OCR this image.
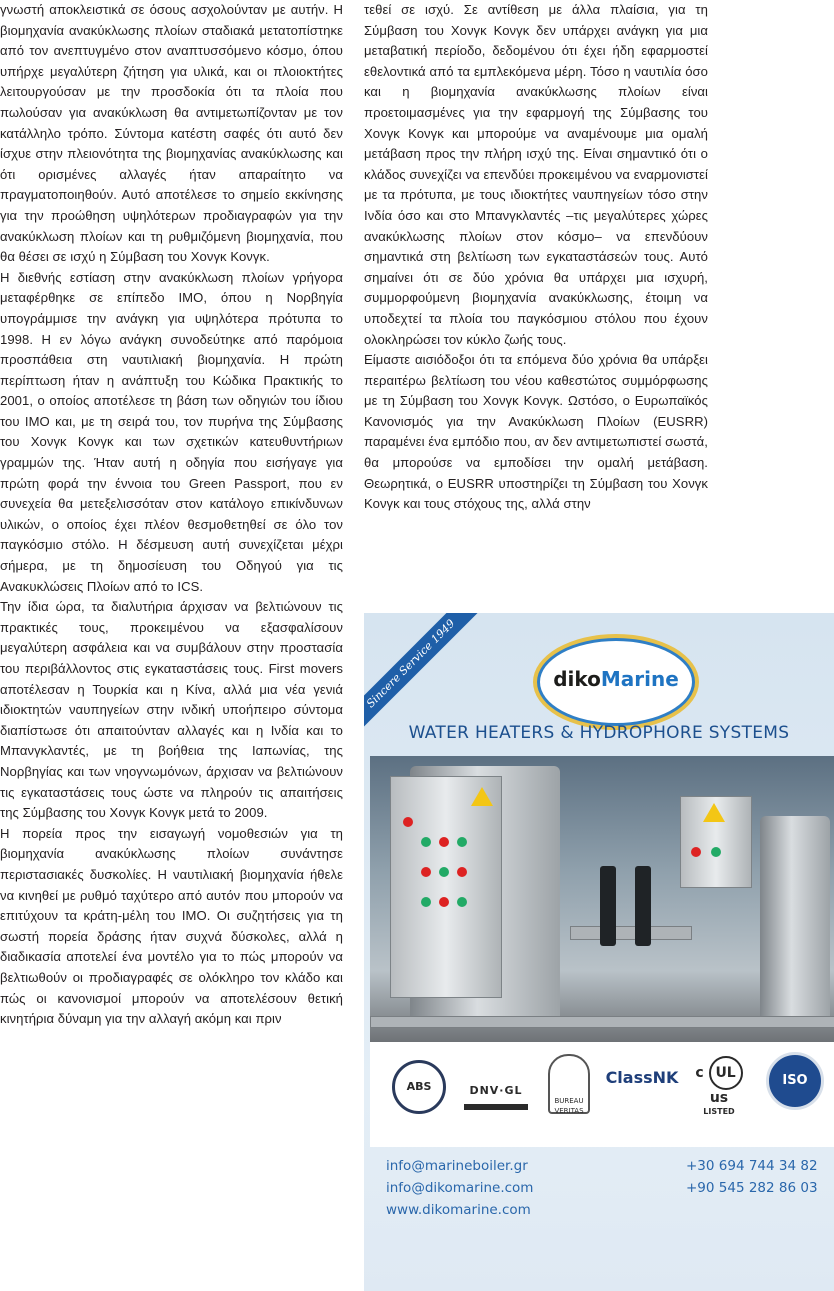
γνωστή αποκλειστικά σε όσους ασχολούνταν με αυτήν. Η βιομηχανία ανακύκλωσης πλοίων σταδιακά μετατοπίστηκε από τον ανεπτυγμένο στον αναπτυσσόμενο κόσμο, όπου υπήρχε μεγαλύτερη ζήτηση για υλικά, και οι πλοιοκτήτες λειτουργούσαν με την προσδοκία ότι τα πλοία που πωλούσαν για ανακύκλωση θα αντιμετωπίζονταν με τον κατάλληλο τρόπο. Σύντομα κατέστη σαφές ότι αυτό δεν ίσχυε στην πλειονότητα της βιομηχανίας ανακύκλωσης και ότι ορισμένες αλλαγές ήταν απαραίτητο να πραγματοποιηθούν. Αυτό αποτέλεσε το σημείο εκκίνησης για την προώθηση υψηλότερων προδιαγραφών για την ανακύκλωση πλοίων και τη ρυθμιζόμενη βιομηχανία, που θα θέσει σε ισχύ η Σύμβαση του Χονγκ Κονγκ.

Η διεθνής εστίαση στην ανακύκλωση πλοίων γρήγορα μεταφέρθηκε σε επίπεδο IMO, όπου η Νορβηγία υπογράμμισε την ανάγκη για υψηλότερα πρότυπα το 1998. Η εν λόγω ανάγκη συνοδεύτηκε από παρόμοια προσπάθεια στη ναυτιλιακή βιομηχανία. Η πρώτη περίπτωση ήταν η ανάπτυξη του Κώδικα Πρακτικής το 2001, ο οποίος αποτέλεσε τη βάση των οδηγιών του ίδιου του IMO και, με τη σειρά του, τον πυρήνα της Σύμβασης του Χονγκ Κονγκ και των σχετικών κατευθυντήριων γραμμών της. Ήταν αυτή η οδηγία που εισήγαγε για πρώτη φορά την έννοια του Green Passport, που εν συνεχεία θα μετεξελισσόταν στον κατάλογο επικίνδυνων υλικών, ο οποίος έχει πλέον θεσμοθετηθεί σε όλο τον παγκόσμιο στόλο. Η δέσμευση αυτή συνεχίζεται μέχρι σήμερα, με τη δημοσίευση του Οδηγού για τις Ανακυκλώσεις Πλοίων από το ICS.

Την ίδια ώρα, τα διαλυτήρια άρχισαν να βελτιώνουν τις πρακτικές τους, προκειμένου να εξασφαλίσουν μεγαλύτερη ασφάλεια και να συμβάλουν στην προστασία του περιβάλλοντος στις εγκαταστάσεις τους. First movers αποτέλεσαν η Τουρκία και η Κίνα, αλλά μια νέα γενιά ιδιοκτητών ναυπηγείων στην ινδική υποήπειρο σύντομα διαπίστωσε ότι απαιτούνταν αλλαγές και η Ινδία και το Μπανγκλαντές, με τη βοήθεια της Ιαπωνίας, της Νορβηγίας και των νηογνωμόνων, άρχισαν να βελτιώνουν τις εγκαταστάσεις τους ώστε να πληρούν τις απαιτήσεις της Σύμβασης του Χονγκ Κονγκ μετά το 2009.

Η πορεία προς την εισαγωγή νομοθεσιών για τη βιομηχανία ανακύκλωσης πλοίων συνάντησε περιστασιακές δυσκολίες. Η ναυτιλιακή βιομηχανία ήθελε να κινηθεί με ρυθμό ταχύτερο από αυτόν που μπορούν να επιτύχουν τα κράτη-μέλη του IMO. Οι συζητήσεις για τη σωστή πορεία δράσης ήταν συχνά δύσκολες, αλλά η διαδικασία αποτελεί ένα μοντέλο για το πώς μπορούν να βελτιωθούν οι προδιαγραφές σε ολόκληρο τον κλάδο και πώς οι κανονισμοί μπορούν να αποτελέσουν θετική κινητήρια δύναμη για την αλλαγή ακόμη και πριν

τεθεί σε ισχύ. Σε αντίθεση με άλλα πλαίσια, για τη Σύμβαση του Χονγκ Κονγκ δεν υπάρχει ανάγκη για μια μεταβατική περίοδο, δεδομένου ότι έχει ήδη εφαρμοστεί εθελοντικά από τα εμπλεκόμενα μέρη. Τόσο η ναυτιλία όσο και η βιομηχανία ανακύκλωσης πλοίων είναι προετοιμασμένες για την εφαρμογή της Σύμβασης του Χονγκ Κονγκ και μπορούμε να αναμένουμε μια ομαλή μετάβαση προς την πλήρη ισχύ της. Είναι σημαντικό ότι ο κλάδος συνεχίζει να επενδύει προκειμένου να εναρμονιστεί με τα πρότυπα, με τους ιδιοκτήτες ναυπηγείων τόσο στην Ινδία όσο και στο Μπανγκλαντές –τις μεγαλύτερες χώρες ανακύκλωσης πλοίων στον κόσμο– να επενδύουν σημαντικά στη βελτίωση των εγκαταστάσεών τους. Αυτό σημαίνει ότι σε δύο χρόνια θα υπάρχει μια ισχυρή, συμμορφούμενη βιομηχανία ανακύκλωσης, έτοιμη να υποδεχτεί τα πλοία του παγκόσμιου στόλου που έχουν ολοκληρώσει τον κύκλο ζωής τους.

Είμαστε αισιόδοξοι ότι τα επόμενα δύο χρόνια θα υπάρξει περαιτέρω βελτίωση του νέου καθεστώτος συμμόρφωσης με τη Σύμβαση του Χονγκ Κονγκ. Ωστόσο, ο Ευρωπαϊκός Κανονισμός για την Ανακύκλωση Πλοίων (EUSRR) παραμένει ένα εμπόδιο που, αν δεν αντιμετωπιστεί σωστά, θα μπορούσε να εμποδίσει την ομαλή μετάβαση. Θεωρητικά, ο EUSRR υποστηρίζει τη Σύμβαση του Χονγκ Κονγκ και τους στόχους της, αλλά στην

Sincere Service 1949	dikoMarine
WATER HEATERS & HYDROPHORE SYSTEMS
ABS	DNV·GL
BUREAU VERITAS
ClassNK c UL us
LISTED
ISO
info@marineboiler.gr
info@dikomarine.com
www.dikomarine.com
+30 694 744 34 82
+90 545 282 86 03
